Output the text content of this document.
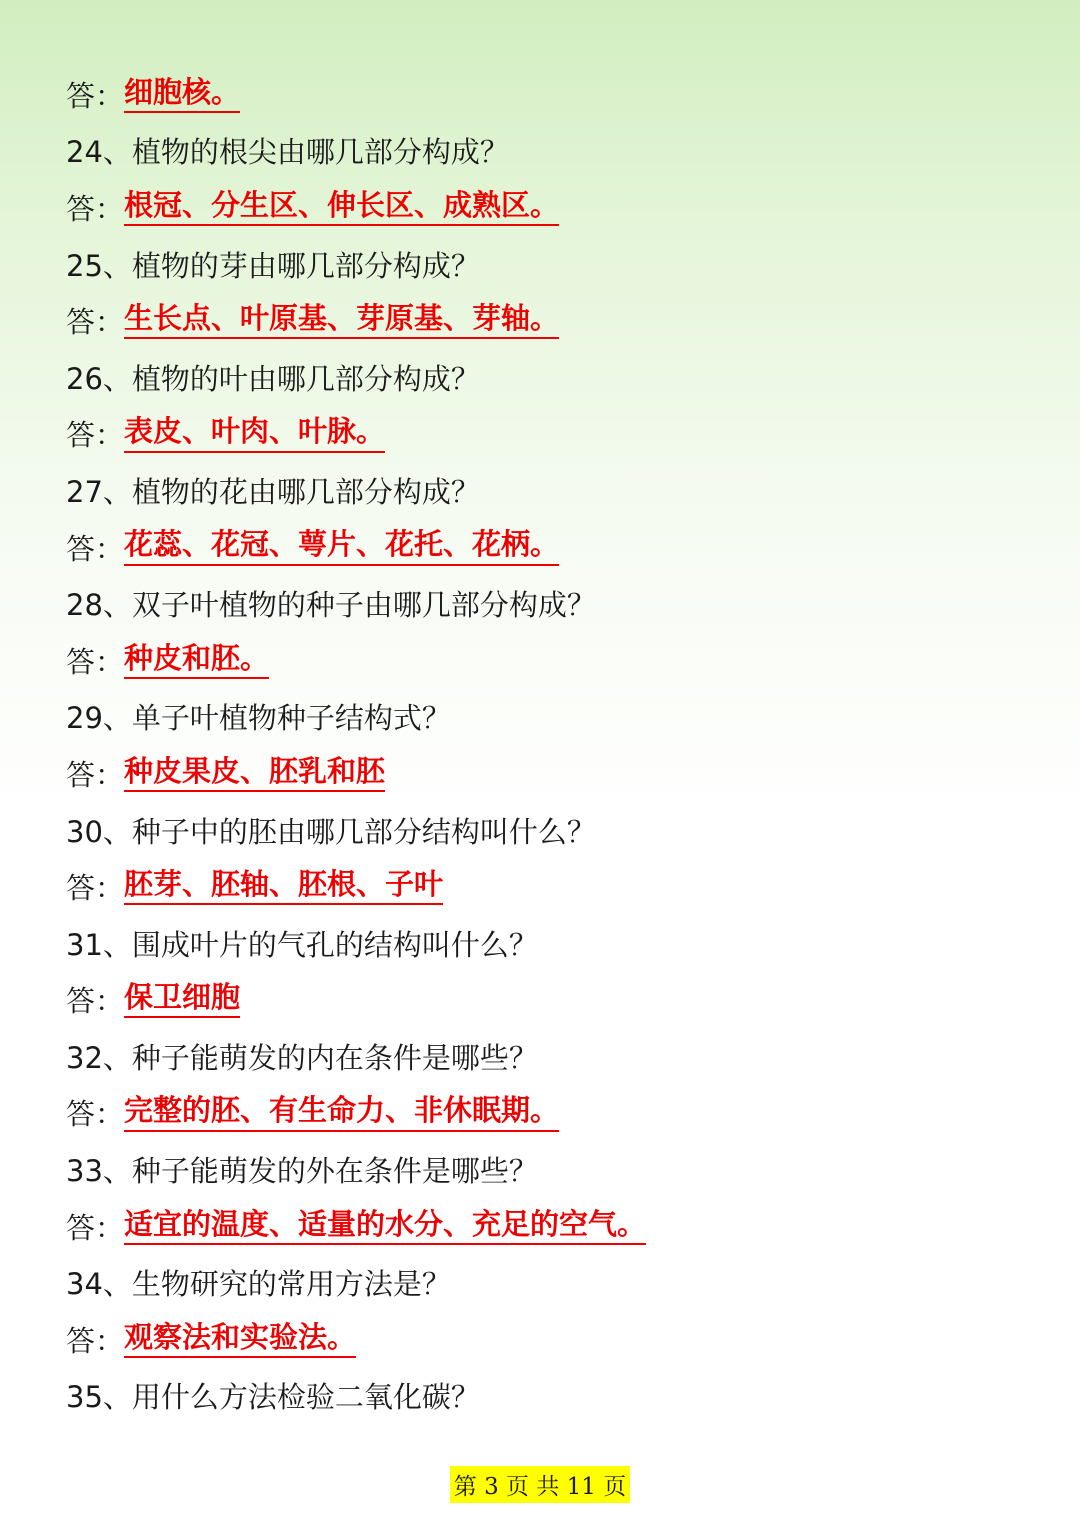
答： 细胞核。
24、植物的根尖由哪几部分构成？
答： 根冠、分生区、伸长区、成熟区。
25、植物的芽由哪几部分构成？
答： 生长点、叶原基、芽原基、芽轴。
26、植物的叶由哪几部分构成？
答： 表皮、叶肉、叶脉。
27、植物的花由哪几部分构成？
答： 花蕊、花冠、萼片、花托、花柄。
28、双子叶植物的种子由哪几部分构成？
答： 种皮和胚。
29、单子叶植物种子结构式？
答： 种皮果皮、胚乳和胚
30、种子中的胚由哪几部分结构叫什么？
答： 胚芽、胚轴、胚根、子叶
31、围成叶片的气孔的结构叫什么？
答： 保卫细胞
32、种子能萌发的内在条件是哪些？
答： 完整的胚、有生命力、非休眠期。
33、种子能萌发的外在条件是哪些？
答： 适宜的温度、适量的水分、充足的空气。
34、生物研究的常用方法是？
答： 观察法和实验法。
35、用什么方法检验二氧化碳？
第 3 页 共 11 页
